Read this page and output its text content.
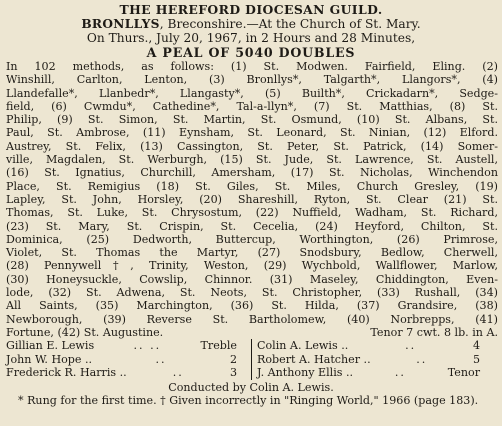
THE HEREFORD DIOCESAN GUILD.
BRONLLYS, Breconshire.—At the Church of St. Mary.
On Thurs., July 20, 1967, in 2 Hours and 28 Minutes,
A PEAL OF 5040 DOUBLES
In 102 methods, as follows: (1) St. Modwen. Fairfield, Eling. (2)
Winshill, Carlton, Lenton, (3) Bronllys*, Talgarth*, Llangors*, (4)
Llandefalle*, Llanbedr*, Llangasty*, (5) Builth*, Crickadarn*, Sedge-
field, (6) Cwmdu*, Cathedine*, Tal-a-llyn*, (7) St. Matthias, (8) St.
Philip, (9) St. Simon, St. Martin, St. Osmund, (10) St. Albans, St.
Paul, St. Ambrose, (11) Eynsham, St. Leonard, St. Ninian, (12) Elford.
Austrey, St. Felix, (13) Cassington, St. Peter, St. Patrick, (14) Somer-
ville, Magdalen, St. Werburgh, (15) St. Jude, St. Lawrence, St. Austell,
(16) St. Ignatius, Churchill, Amersham, (17) St. Nicholas, Winchendon
Place, St. Remigius (18) St. Giles, St. Miles, Church Gresley, (19)
Lapley, St. John, Horsley, (20) Shareshill, Ryton, St. Clear (21) St.
Thomas, St. Luke, St. Chrysostum, (22) Nuffield, Wadham, St. Richard,
(23) St. Mary, St. Crispin, St. Cecelia, (24) Heyford, Chilton, St.
Dominica, (25) Dedworth, Buttercup, Worthington, (26) Primrose,
Violet, St. Thomas the Martyr, (27) Snodsbury, Bedlow, Cherwell,
(28) Pennywell†, Trinity, Weston, (29) Wychbold, Wallflower, Marlow,
(30) Honeysuckle, Cowslip, Chinnor. (31) Maseley, Chiddington, Even-
lode, (32) St. Adwena, St. Neots, St. Christopher, (33) Rushall, (34)
All Saints, (35) Marchington, (36) St. Hilda, (37) Grandsire, (38)
Newborough, (39) Reverse St. Bartholomew, (40) Norbrepps, (41)
Fortune, (42) St. Augustine.	Tenor 7 cwt. 8 lb. in A.
Gillian E. Lewis	.. ..	Treble Colin A. Lewis ..	..	4
John W. Hope ..	..	2 Robert A. Hatcher ..	..	5
Frederick R. Harris ..	..	3 J. Anthony Ellis ..	..	Tenor
Conducted by Colin A. Lewis.
* Rung for the first time. † Given incorrectly in "Ringing World," 1966 (page 183).
